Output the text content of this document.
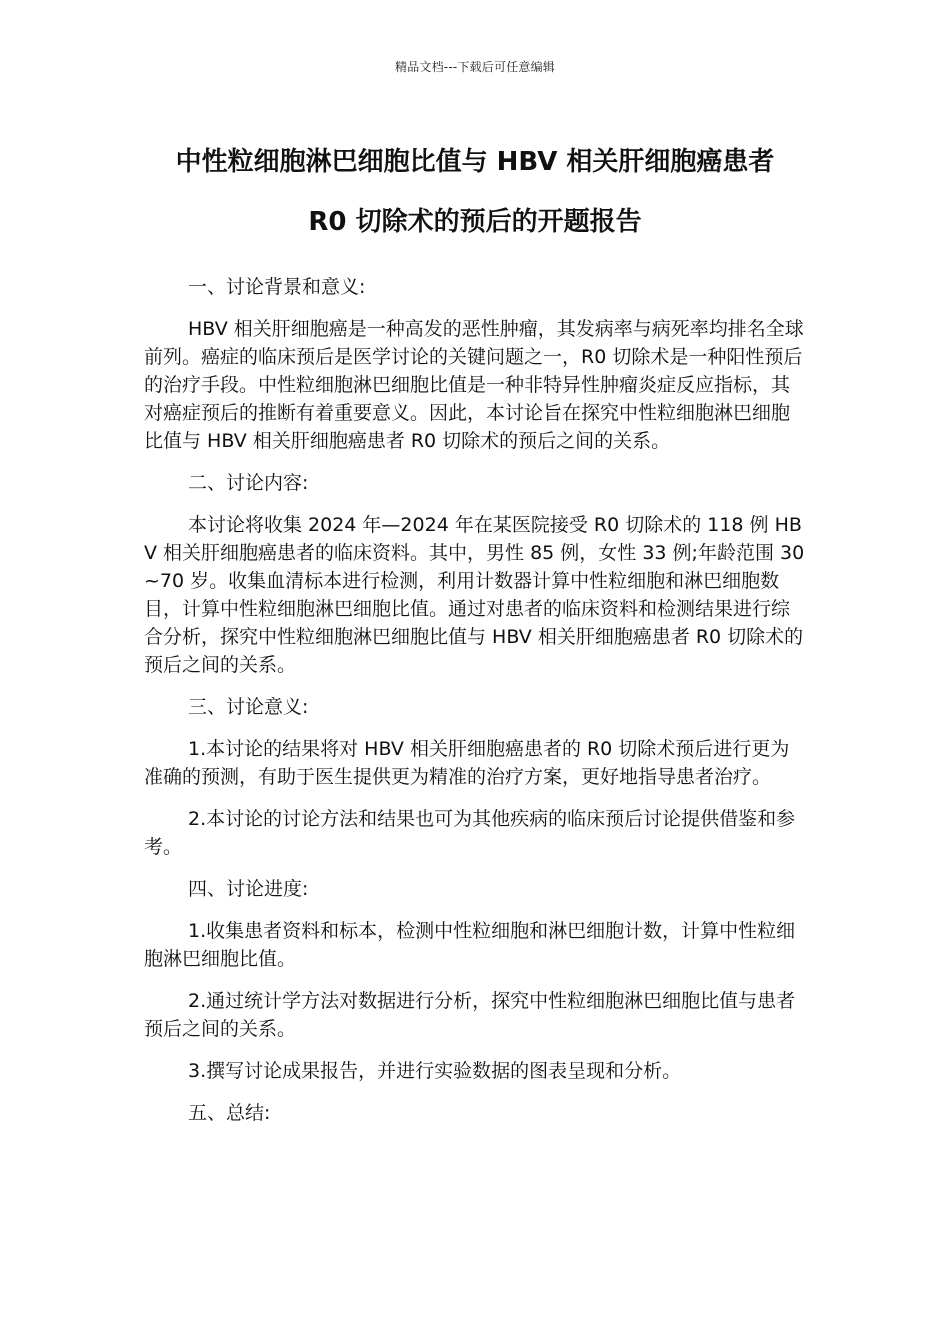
精品文档---下载后可任意编辑
中性粒细胞淋巴细胞比值与 HBV 相关肝细胞癌患者
R0 切除术的预后的开题报告

一、讨论背景和意义:

HBV 相关肝细胞癌是一种高发的恶性肿瘤，其发病率与病死率均排名全球前列。癌症的临床预后是医学讨论的关键问题之一，R0 切除术是一种阳性预后的治疗手段。中性粒细胞淋巴细胞比值是一种非特异性肿瘤炎症反应指标，其对癌症预后的推断有着重要意义。因此，本讨论旨在探究中性粒细胞淋巴细胞比值与 HBV 相关肝细胞癌患者 R0 切除术的预后之间的关系。

二、讨论内容:

本讨论将收集 2024 年—2024 年在某医院接受 R0 切除术的 118 例 HBV 相关肝细胞癌患者的临床资料。其中，男性 85 例，女性 33 例;年龄范围 30~70 岁。收集血清标本进行检测，利用计数器计算中性粒细胞和淋巴细胞数目，计算中性粒细胞淋巴细胞比值。通过对患者的临床资料和检测结果进行综合分析，探究中性粒细胞淋巴细胞比值与 HBV 相关肝细胞癌患者 R0 切除术的预后之间的关系。

三、讨论意义:

1.本讨论的结果将对 HBV 相关肝细胞癌患者的 R0 切除术预后进行更为准确的预测，有助于医生提供更为精准的治疗方案，更好地指导患者治疗。

2.本讨论的讨论方法和结果也可为其他疾病的临床预后讨论提供借鉴和参考。

四、讨论进度:

1.收集患者资料和标本，检测中性粒细胞和淋巴细胞计数，计算中性粒细胞淋巴细胞比值。

2.通过统计学方法对数据进行分析，探究中性粒细胞淋巴细胞比值与患者预后之间的关系。

3.撰写讨论成果报告，并进行实验数据的图表呈现和分析。

五、总结:
